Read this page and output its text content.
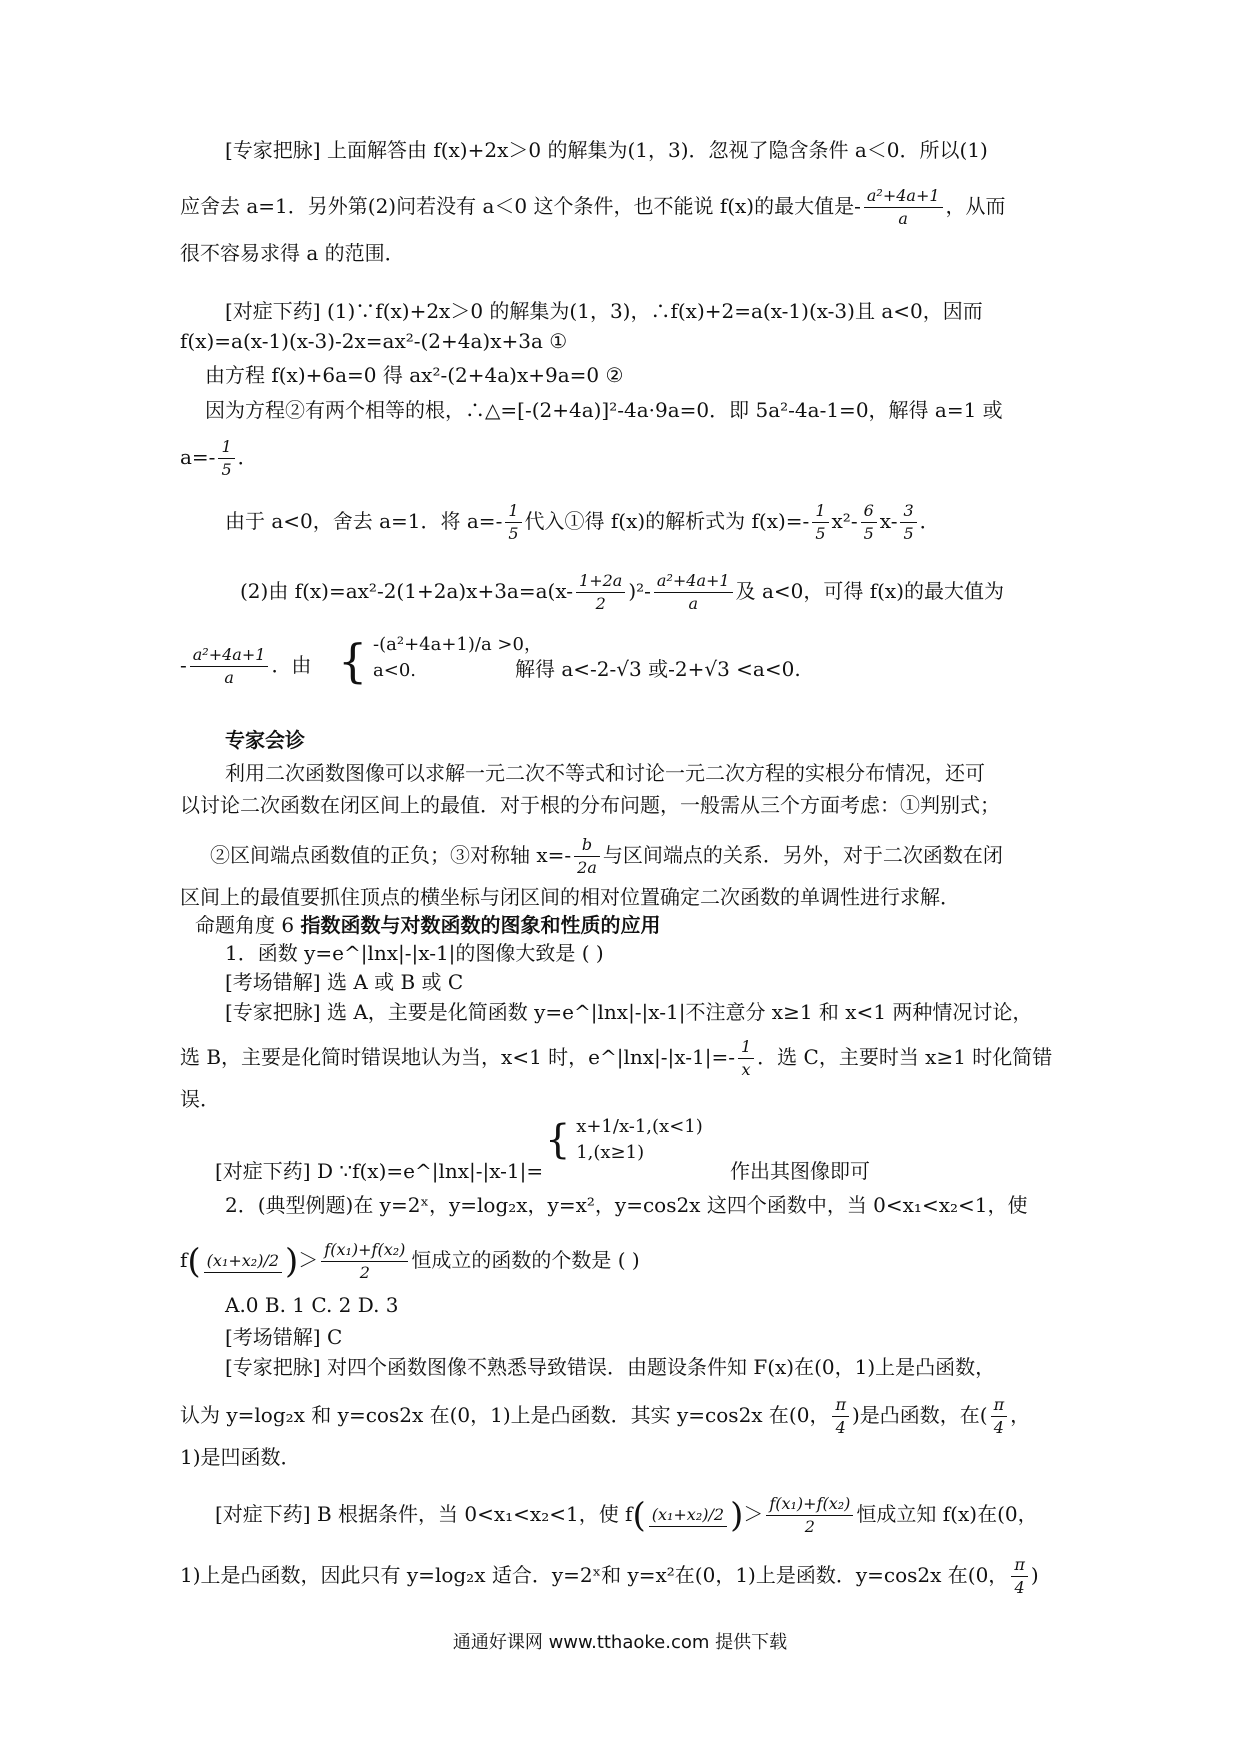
[专家把脉] 上面解答由 f(x)+2x＞0 的解集为(1，3)．忽视了隐含条件 a＜0．所以(1)
应舍去 a=1．另外第(2)问若没有 a＜0 这个条件，也不能说 f(x)的最大值是- $\frac{\text{a²+4a+1}}{a}$ ，从而
很不容易求得 a 的范围．
[对症下药] (1)∵f(x)+2x＞0 的解集为(1，3)，∴f(x)+2=a(x-1)(x-3)且 a<0，因而
f(x)=a(x-1)(x-3)-2x=ax²-(2+4a)x+3a ①
由方程 f(x)+6a=0 得 ax²-(2+4a)x+9a=0 ②
因为方程②有两个相等的根，∴△=[-(2+4a)]²-4a·9a=0．即 5a²-4a-1=0，解得 a=1 或
$a=- \frac{1}{5}$ ．
由于 a<0，舍去 a=1．将 $a=- \frac{1}{5}$ 代入①得 f(x)的解析式为 $f(x)=- \frac{1}{5} x^2- \frac{6}{5} x- \frac{3}{5}$ ．
(2)由 $f(x)=ax^2-2(1+2a)x+3a=a(x- \frac{1+2a}{2} )^2- \frac{\text{a²+4a+1}}{a}$ 及 a<0，可得 f(x)的最大值为
- $\frac{\text{a²+4a+1}}{a}$ ．由 { -(a²+4a+1)/a >0，
a<0.	解得 a<-2-√3 或-2+√3 <a<0.
专家会诊
利用二次函数图像可以求解一元二次不等式和讨论一元二次方程的实根分布情况，还可
以讨论二次函数在闭区间上的最值．对于根的分布问题，一般需从三个方面考虑：①判别式；
②区间端点函数值的正负；③对称轴 $x=- \frac{b}{2a}$ 与区间端点的关系．另外，对于二次函数在闭
区间上的最值要抓住顶点的横坐标与闭区间的相对位置确定二次函数的单调性进行求解．
命题角度 6 指数函数与对数函数的图象和性质的应用
1．函数 y=e^|lnx|-|x-1|的图像大致是 ( )
[考场错解] 选 A 或 B 或 C
[专家把脉] 选 A，主要是化简函数 y=e^|lnx|-|x-1|不注意分 x≥1 和 x<1 两种情况讨论，
选 B，主要是化简时错误地认为当，x<1 时，e^|lnx|-|x-1|=- $\frac{1}{x}$ ．选 C，主要时当 x≥1 时化简错
误．
{ x+1/x-1,(x<1)
1,(x≥1)
[对症下药] D ∵f(x)=e^|lnx|-|x-1|=	作出其图像即可
2．(典型例题)在 y=2ˣ，y=log₂x，y=x²，y=cos2x 这四个函数中，当 0<x₁<x₂<1，使
f( (x₁+x₂)/2 )＞ $\frac{\text{f(x₁)+f(x₂)}}{2}$ 恒成立的函数的个数是 ( )
A.0 B. 1 C. 2 D. 3
[考场错解] C
[专家把脉] 对四个函数图像不熟悉导致错误．由题设条件知 F(x)在(0，1)上是凸函数，
认为 y=log₂x 和 y=cos2x 在(0，1)上是凸函数．其实 y=cos2x 在(0， $\frac{\pi}{4}$ )是凸函数，在( $\frac{\pi}{4}$ ，
1)是凹函数．
[对症下药] B 根据条件，当 0<x₁<x₂<1，使 f( (x₁+x₂)/2 )＞ $\frac{\text{f(x₁)+f(x₂)}}{2}$ 恒成立知 f(x)在(0，
1)上是凸函数，因此只有 y=log₂x 适合．y=2ˣ和 y=x²在(0，1)上是函数．y=cos2x 在(0， $\frac{\pi}{4}$ )
通通好课网 www.tthaoke.com 提供下载
